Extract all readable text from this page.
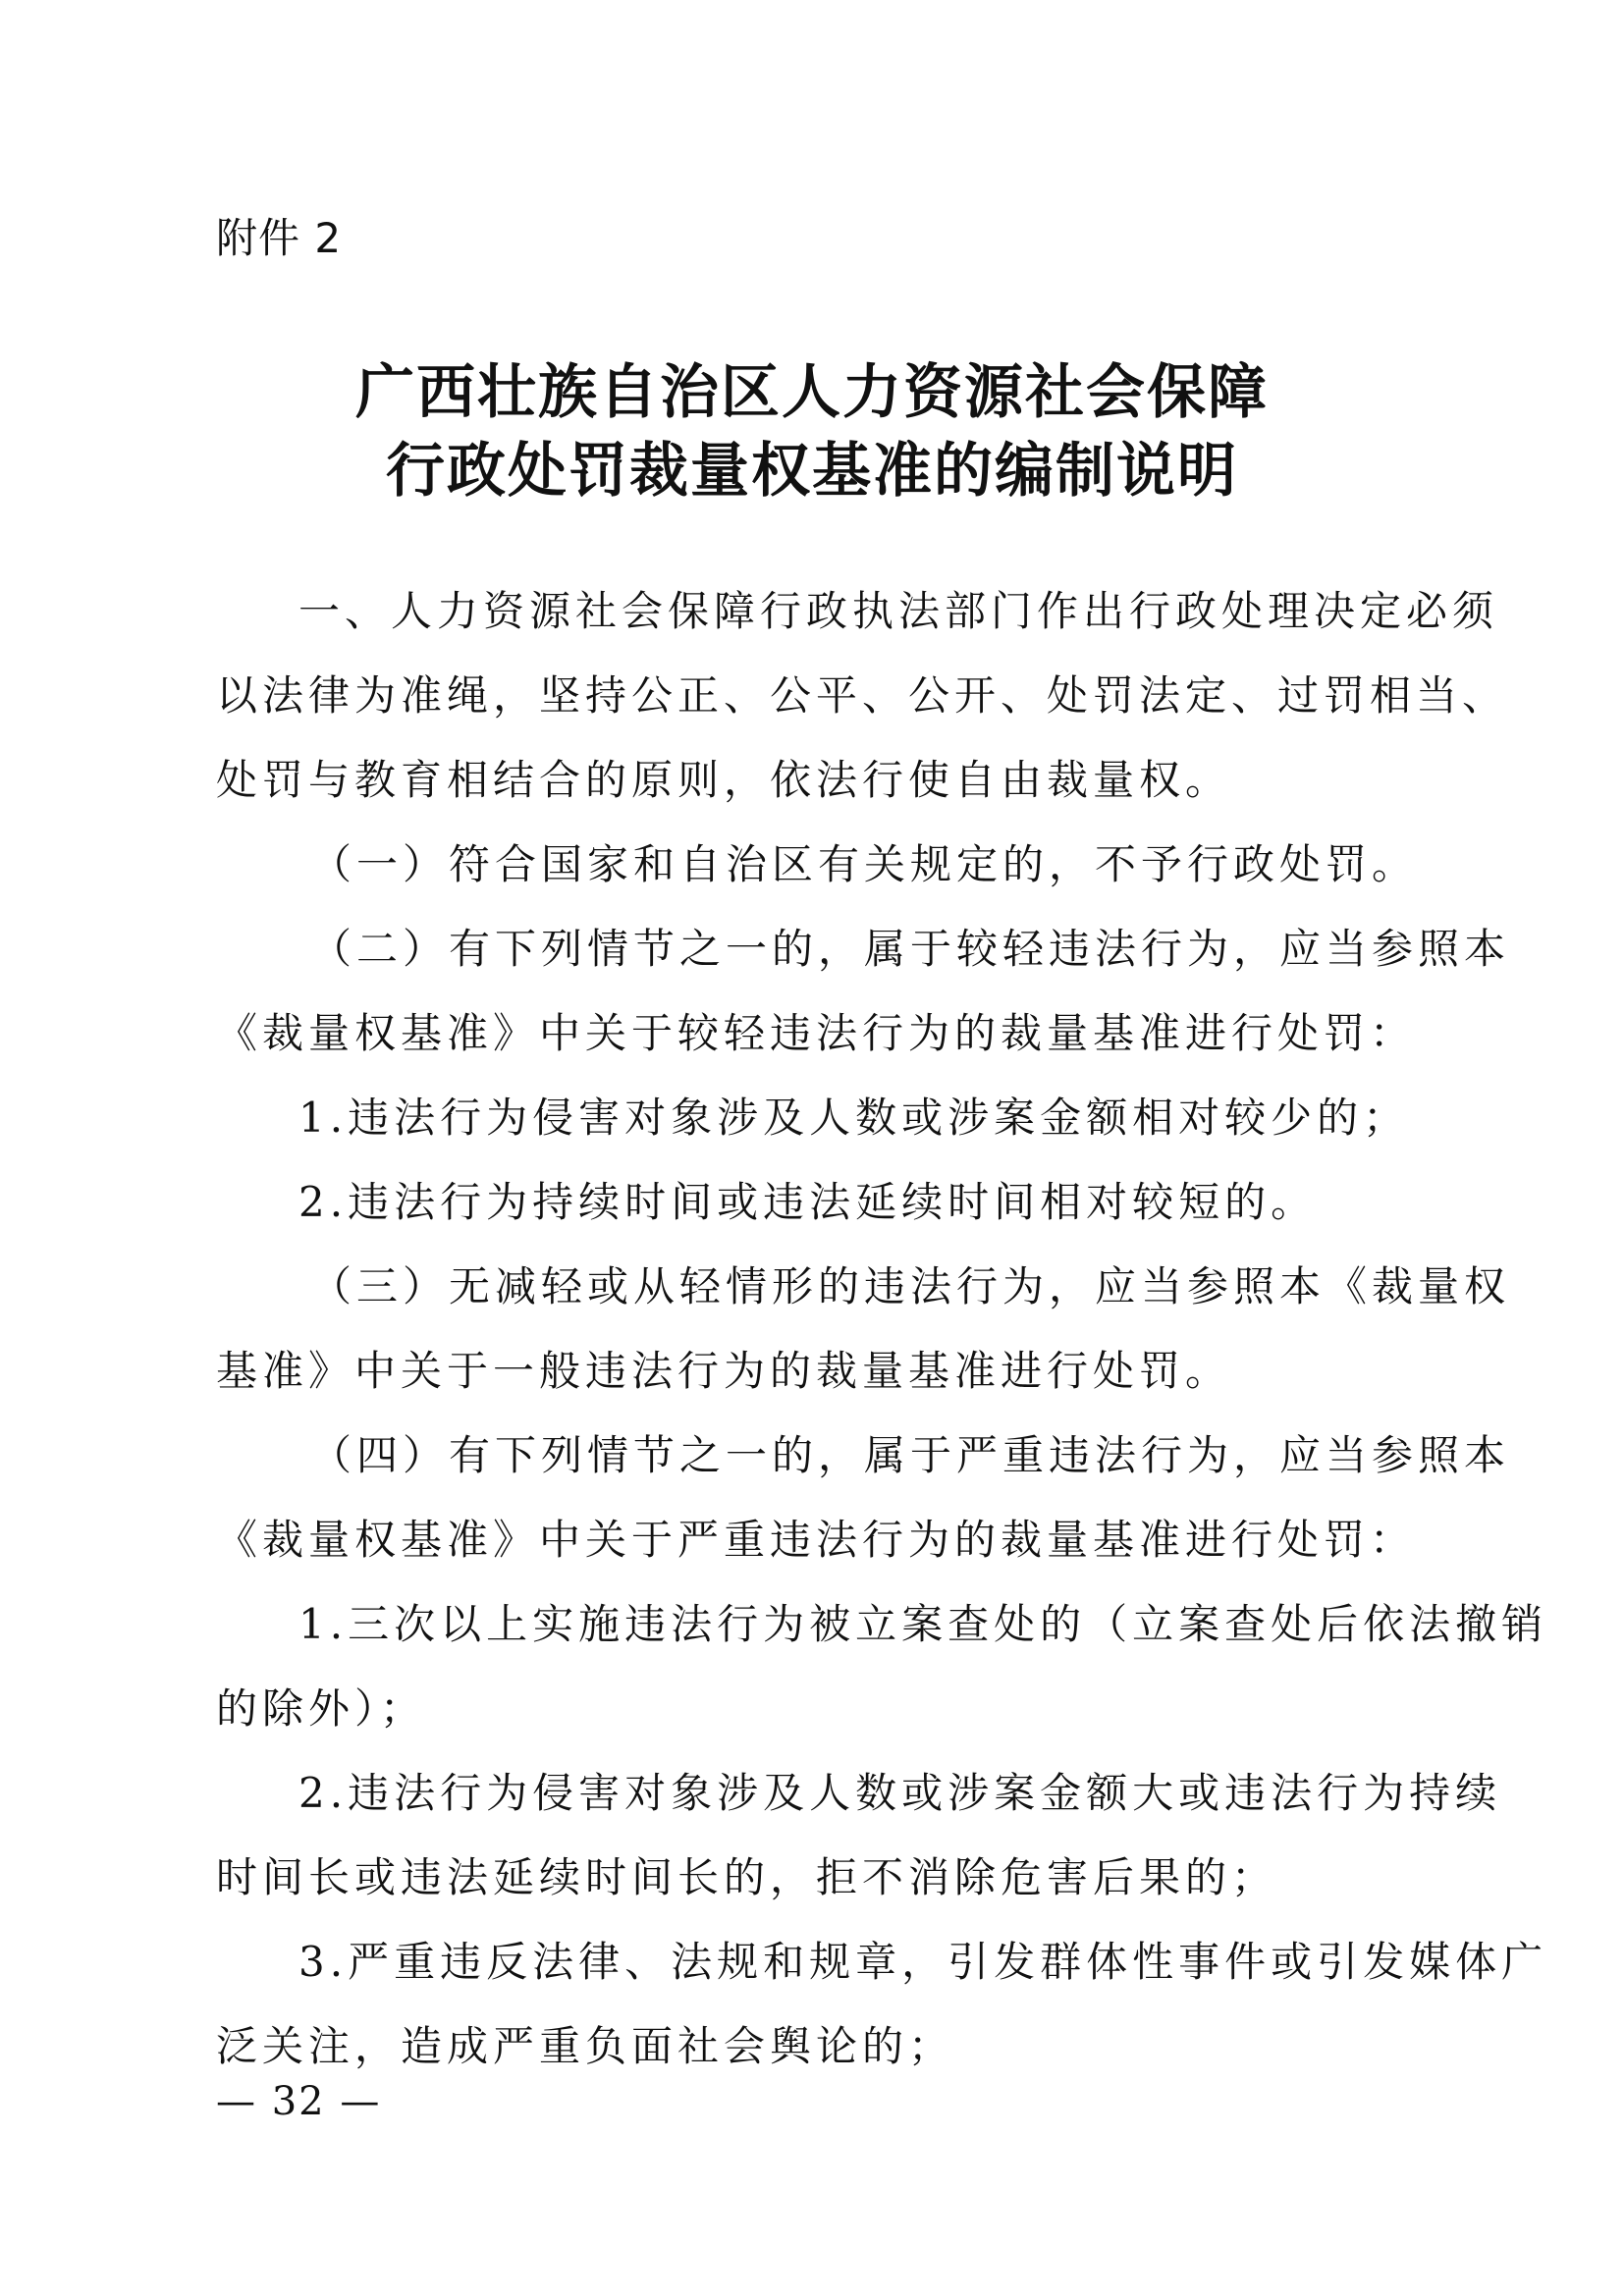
附件 2
广西壮族自治区人力资源社会保障
行政处罚裁量权基准的编制说明
一、人力资源社会保障行政执法部门作出行政处理决定必须
以法律为准绳，坚持公正、公平、公开、处罚法定、过罚相当、
处罚与教育相结合的原则，依法行使自由裁量权。
（一）符合国家和自治区有关规定的，不予行政处罚。
（二）有下列情节之一的，属于较轻违法行为，应当参照本
《裁量权基准》中关于较轻违法行为的裁量基准进行处罚：
1.违法行为侵害对象涉及人数或涉案金额相对较少的；
2.违法行为持续时间或违法延续时间相对较短的。
（三）无减轻或从轻情形的违法行为，应当参照本《裁量权
基准》中关于一般违法行为的裁量基准进行处罚。
（四）有下列情节之一的，属于严重违法行为，应当参照本
《裁量权基准》中关于严重违法行为的裁量基准进行处罚：
1.三次以上实施违法行为被立案查处的（立案查处后依法撤销
的除外）；
2.违法行为侵害对象涉及人数或涉案金额大或违法行为持续
时间长或违法延续时间长的，拒不消除危害后果的；
3.严重违反法律、法规和规章，引发群体性事件或引发媒体广
泛关注，造成严重负面社会舆论的；
— 32 —
